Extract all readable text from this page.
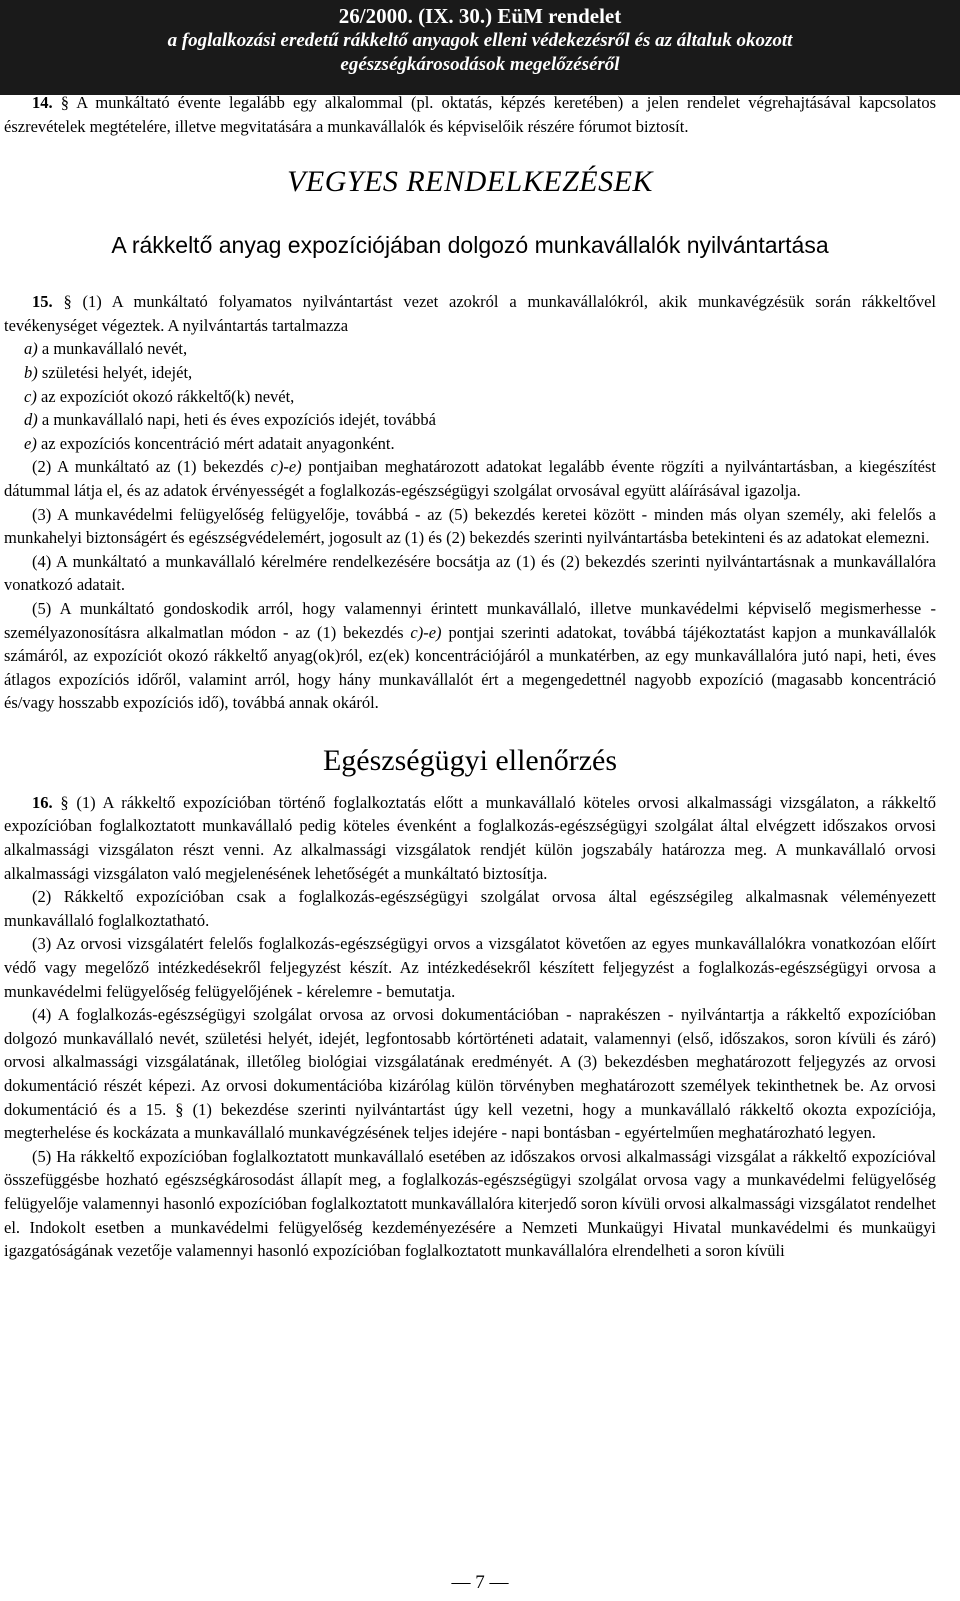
26/2000. (IX. 30.) EüM rendelet
a foglalkozási eredetű rákkeltő anyagok elleni védekezésről és az általuk okozott
egészségkárosodások megelőzéséről

14. § A munkáltató évente legalább egy alkalommal (pl. oktatás, képzés keretében) a jelen rendelet végrehajtásával kapcsolatos észrevételek megtételére, illetve megvitatására a munkavállalók és képviselőik részére fórumot biztosít.

VEGYES RENDELKEZÉSEK
A rákkeltő anyag expozíciójában dolgozó munkavállalók nyilvántartása

15. § (1) A munkáltató folyamatos nyilvántartást vezet azokról a munkavállalókról, akik munkavégzésük során rákkeltővel tevékenységet végeztek. A nyilvántartás tartalmazza

a) a munkavállaló nevét,
b) születési helyét, idejét,
c) az expozíciót okozó rákkeltő(k) nevét,
d) a munkavállaló napi, heti és éves expozíciós idejét, továbbá
e) az expozíciós koncentráció mért adatait anyagonként.

(2) A munkáltató az (1) bekezdés c)-e) pontjaiban meghatározott adatokat legalább évente rögzíti a nyilvántartásban, a kiegészítést dátummal látja el, és az adatok érvényességét a foglalkozás-egészségügyi szolgálat orvosával együtt aláírásával igazolja.

(3) A munkavédelmi felügyelőség felügyelője, továbbá - az (5) bekezdés keretei között - minden más olyan személy, aki felelős a munkahelyi biztonságért és egészségvédelemért, jogosult az (1) és (2) bekezdés szerinti nyilvántartásba betekinteni és az adatokat elemezni.

(4) A munkáltató a munkavállaló kérelmére rendelkezésére bocsátja az (1) és (2) bekezdés szerinti nyilvántartásnak a munkavállalóra vonatkozó adatait.

(5) A munkáltató gondoskodik arról, hogy valamennyi érintett munkavállaló, illetve munkavédelmi képviselő megismerhesse - személyazonosításra alkalmatlan módon - az (1) bekezdés c)-e) pontjai szerinti adatokat, továbbá tájékoztatást kapjon a munkavállalók számáról, az expozíciót okozó rákkeltő anyag(ok)ról, ez(ek) koncentrációjáról a munkatérben, az egy munkavállalóra jutó napi, heti, éves átlagos expozíciós időről, valamint arról, hogy hány munkavállalót ért a megengedettnél nagyobb expozíció (magasabb koncentráció és/vagy hosszabb expozíciós idő), továbbá annak okáról.

Egészségügyi ellenőrzés

16. § (1) A rákkeltő expozícióban történő foglalkoztatás előtt a munkavállaló köteles orvosi alkalmassági vizsgálaton, a rákkeltő expozícióban foglalkoztatott munkavállaló pedig köteles évenként a foglalkozás-egészségügyi szolgálat által elvégzett időszakos orvosi alkalmassági vizsgálaton részt venni. Az alkalmassági vizsgálatok rendjét külön jogszabály határozza meg. A munkavállaló orvosi alkalmassági vizsgálaton való megjelenésének lehetőségét a munkáltató biztosítja.

(2) Rákkeltő expozícióban csak a foglalkozás-egészségügyi szolgálat orvosa által egészségileg alkalmasnak véleményezett munkavállaló foglalkoztatható.

(3) Az orvosi vizsgálatért felelős foglalkozás-egészségügyi orvos a vizsgálatot követően az egyes munkavállalókra vonatkozóan előírt védő vagy megelőző intézkedésekről feljegyzést készít. Az intézkedésekről készített feljegyzést a foglalkozás-egészségügyi orvosa a munkavédelmi felügyelőség felügyelőjének - kérelemre - bemutatja.

(4) A foglalkozás-egészségügyi szolgálat orvosa az orvosi dokumentációban - naprakészen - nyilvántartja a rákkeltő expozícióban dolgozó munkavállaló nevét, születési helyét, idejét, legfontosabb kórtörténeti adatait, valamennyi (első, időszakos, soron kívüli és záró) orvosi alkalmassági vizsgálatának, illetőleg biológiai vizsgálatának eredményét. A (3) bekezdésben meghatározott feljegyzés az orvosi dokumentáció részét képezi. Az orvosi dokumentációba kizárólag külön törvényben meghatározott személyek tekinthetnek be. Az orvosi dokumentáció és a 15. § (1) bekezdése szerinti nyilvántartást úgy kell vezetni, hogy a munkavállaló rákkeltő okozta expozíciója, megterhelése és kockázata a munkavállaló munkavégzésének teljes idejére - napi bontásban - egyértelműen meghatározható legyen.

(5) Ha rákkeltő expozícióban foglalkoztatott munkavállaló esetében az időszakos orvosi alkalmassági vizsgálat a rákkeltő expozícióval összefüggésbe hozható egészségkárosodást állapít meg, a foglalkozás-egészségügyi szolgálat orvosa vagy a munkavédelmi felügyelőség felügyelője valamennyi hasonló expozícióban foglalkoztatott munkavállalóra kiterjedő soron kívüli orvosi alkalmassági vizsgálatot rendelhet el. Indokolt esetben a munkavédelmi felügyelőség kezdeményezésére a Nemzeti Munkaügyi Hivatal munkavédelmi és munkaügyi igazgatóságának vezetője valamennyi hasonló expozícióban foglalkoztatott munkavállalóra elrendelheti a soron kívüli

— 7 —
